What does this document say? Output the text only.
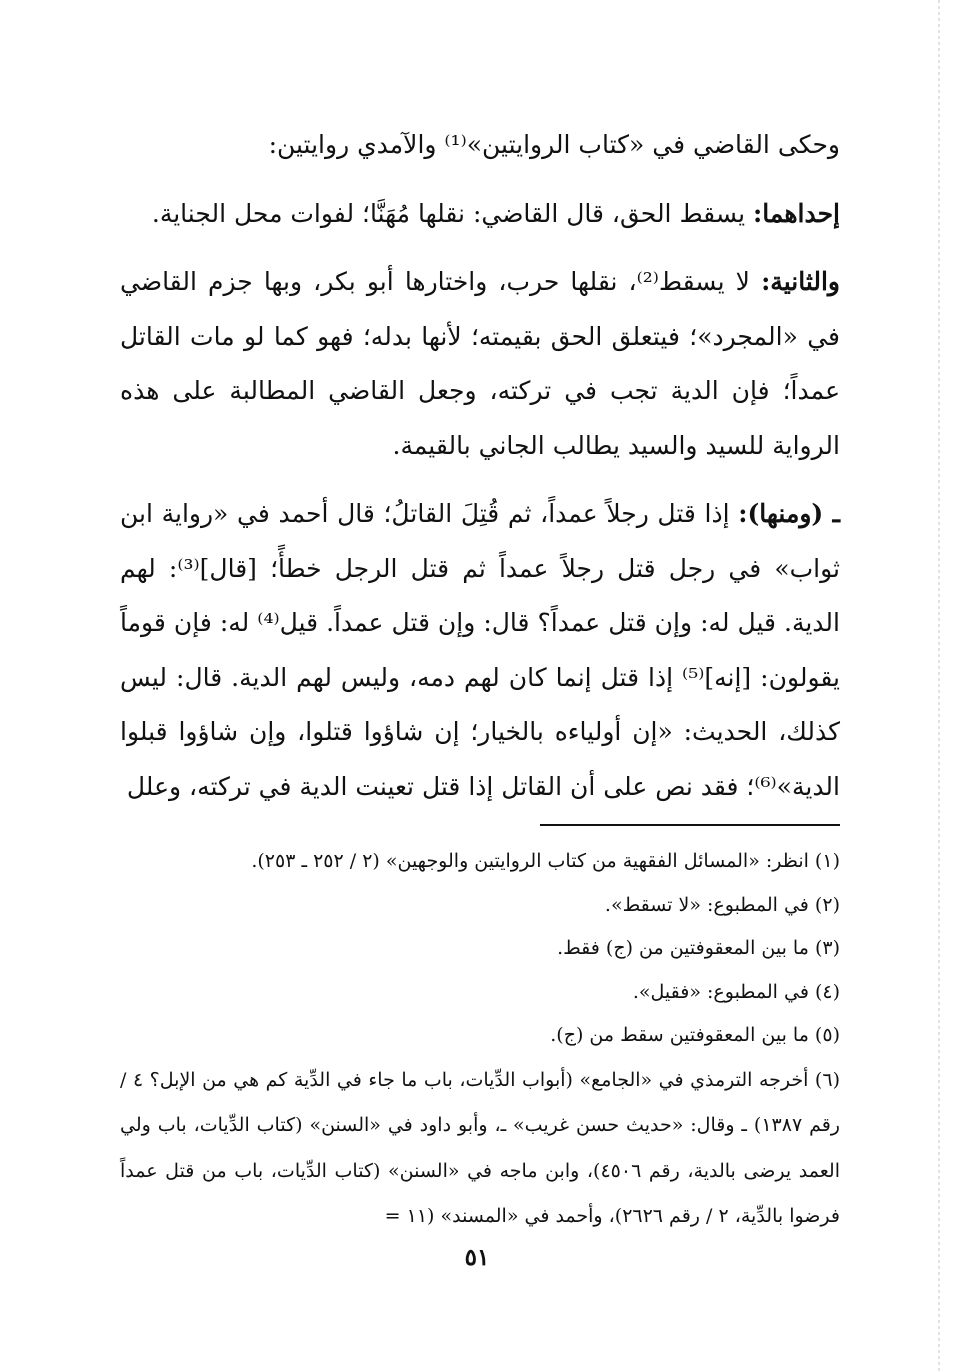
وحكى القاضي في «كتاب الروايتين»⁽¹⁾ والآمدي روايتين:

إحداهما: يسقط الحق، قال القاضي: نقلها مُهَنَّا؛ لفوات محل الجناية.

والثانية: لا يسقط⁽²⁾، نقلها حرب، واختارها أبو بكر، وبها جزم القاضي في «المجرد»؛ فيتعلق الحق بقيمته؛ لأنها بدله؛ فهو كما لو مات القاتل عمداً؛ فإن الدية تجب في تركته، وجعل القاضي المطالبة على هذه الرواية للسيد والسيد يطالب الجاني بالقيمة.

ـ (ومنها): إذا قتل رجلاً عمداً، ثم قُتِلَ القاتلُ؛ قال أحمد في «رواية ابن ثواب» في رجل قتل رجلاً عمداً ثم قتل الرجل خطأً؛ [قال]⁽³⁾: لهم الدية. قيل له: وإن قتل عمداً؟ قال: وإن قتل عمداً. قيل⁽⁴⁾ له: فإن قوماً يقولون: [إنه]⁽⁵⁾ إذا قتل إنما كان لهم دمه، وليس لهم الدية. قال: ليس كذلك، الحديث: «إن أولياءه بالخيار؛ إن شاؤوا قتلوا، وإن شاؤوا قبلوا الدية»⁽⁶⁾؛ فقد نص على أن القاتل إذا قتل تعينت الدية في تركته، وعلل

(١) انظر: «المسائل الفقهية من كتاب الروايتين والوجهين» (٢ / ٢٥٢ ـ ٢٥٣).

(٢) في المطبوع: «لا تسقط».

(٣) ما بين المعقوفتين من (ج) فقط.

(٤) في المطبوع: «فقيل».

(٥) ما بين المعقوفتين سقط من (ج).

(٦) أخرجه الترمذي في «الجامع» (أبواب الدِّيات، باب ما جاء في الدِّية كم هي من الإبل؟ ٤ / رقم ١٣٨٧) ـ وقال: «حديث حسن غريب» ـ، وأبو داود في «السنن» (كتاب الدِّيات، باب ولي العمد يرضى بالدية، رقم ٤٥٠٦)، وابن ماجه في «السنن» (كتاب الدِّيات، باب من قتل عمداً فرضوا بالدِّية، ٢ / رقم ٢٦٢٦)، وأحمد في «المسند» (١١ =

٥١
